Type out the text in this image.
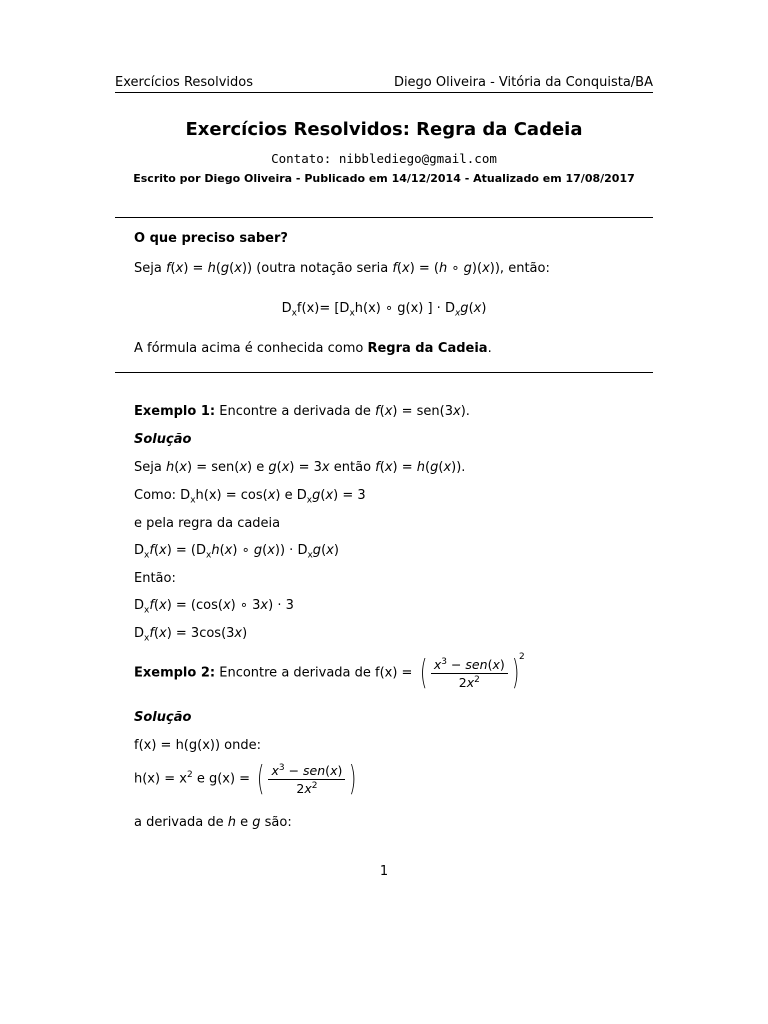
Exercícios Resolvidos	Diego Oliveira - Vitória da Conquista/BA
Exercícios Resolvidos: Regra da Cadeia
Contato: nibblediego@gmail.com
Escrito por Diego Oliveira - Publicado em 14/12/2014 - Atualizado em 17/08/2017
O que preciso saber?
Seja f(x) = h(g(x)) (outra notação seria f(x) = (h ∘ g)(x)), então:
$D_xf(x)= [D_xh(x)$ ∘ g(x) ] · $D_xg(x)$
A fórmula acima é conhecida como Regra da Cadeia.
Exemplo 1: Encontre a derivada de f(x) = sen(3x).
Solução
Seja h(x) = sen(x) e g(x) = 3x então f(x) = h(g(x)).
Como: $D_xh(x) = \cos(x)$ e $D_xg(x) = 3$
e pela regra da cadeia
$D_xf(x) = (D_xh(x)$ ∘ $g(x)) \cdot D_xg(x)$
Então:
$D_xf(x) = (\cos(x)$ ∘ 3x) · 3
$D_xf(x) = 3\cos(3x)$
Exemplo 2: Encontre a derivada de f(x) = ( $\frac{x^3 - sen(x)}{2x^2} )2$
Solução
f(x) = h(g(x)) onde:
$h(x) = x^2$ e g(x) = ( $\frac{x^3 - sen(x)}{2x^2}$ )
a derivada de h e g são:
1
